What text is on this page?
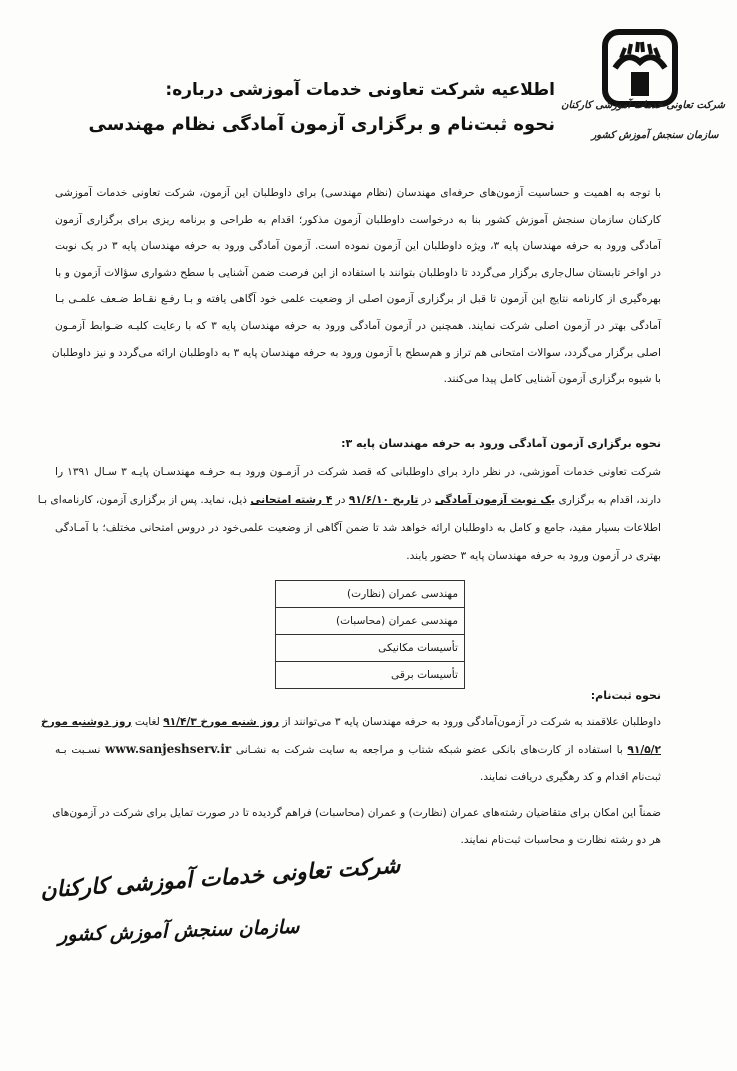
شرکت تعاونی خدمات آموزشی کارکنان
سازمان سنجش آموزش کشور
اطلاعیه شرکت تعاونی خدمات آموزشی درباره:
نحوه ثبت‌نام و برگزاری آزمون آمادگی نظام مهندسی
با توجه به اهمیت و حساسیت آزمون‌های حرفه‌ای مهندسان (نظام مهندسی) برای داوطلبان این آزمون، شرکت تعاونی خدمات آموزشی
کارکنان سازمان سنجش آموزش کشور بنا به درخواست داوطلبان آزمون مذکور؛ اقدام به طراحی و برنامه ریزی برای برگزاری آزمون
آمادگی ورود به حرفه مهندسان پایه ۳، ویژه داوطلبان این آزمون نموده است. آزمون آمادگی ورود به حرفه مهندسان پایه ۳ در یک نوبت
در اواخر تابستان سال‌جاری برگزار می‌گردد تا داوطلبان بتوانند با استفاده از این فرصت ضمن آشنایی با سطح دشواری سؤالات آزمون و با
بهره‌گیری از کارنامه نتایج این آزمون تا قبل از برگزاری آزمون اصلی از وضعیت علمی خود آگاهی یافته و بـا رفـع نقـاط ضـعف علمـی بـا
آمادگی بهتر در آزمون اصلی شرکت نمایند. همچنین در آزمون آمادگی ورود به حرفه مهندسان پایه ۳ که با رعایت کلیـه ضـوابط آزمـون
اصلی برگزار می‌گردد، سوالات امتحانی هم تراز و هم‌سطح با آزمون ورود به حرفه مهندسان پایه ۳ به داوطلبان ارائه می‌گردد و نیز داوطلبان
با شیوه برگزاری آزمون آشنایی کامل پیدا می‌کنند.
نحوه برگزاری آزمون آمادگی ورود به حرفه مهندسان پایه ۳:
شرکت تعاونی خدمات آموزشی، در نظر دارد برای داوطلبانی که قصد شرکت در آزمـون ورود بـه حرفـه مهندسـان پایـه ۳ سـال ۱۳۹۱ را
دارند، اقدام به برگزاری یک نوبت آزمون آمادگی در تاریخ ۹۱/۶/۱۰ در ۴ رشته امتحانی ذیل، نماید. پس از برگزاری آزمون، کارنامه‌ای بـا
اطلاعات بسیار مفید، جامع و کامل به داوطلبان ارائه خواهد شد تا ضمن آگاهی از وضعیت علمی‌خود در دروس امتحانی مختلف؛ با آمـادگی
بهتری در آزمون ورود به حرفه مهندسان پایه ۳ حضور یابند.
مهندسی عمران (نظارت)
مهندسی عمران (محاسبات)
تأسیسات مکانیکی
تأسیسات برقی
نحوه ثبت‌نام:
داوطلبان علاقمند به شرکت در آزمون‌آمادگی ورود به حرفه مهندسان پایه ۳ می‌توانند از روز شنبه مورخ ۹۱/۴/۳ لغایت روز دوشنبه مورخ
۹۱/۵/۲ با استفاده از کارت‌های بانکی عضو شبکه شتاب و مراجعه به سایت شرکت به نشـانی www.sanjeshserv.ir نسـبت بـه
ثبت‌نام اقدام و کد رهگیری دریافت نمایند.
ضمناً این امکان برای متقاضیان رشته‌های عمران (نظارت) و عمران (محاسبات) فراهم گردیده تا در صورت تمایل برای شرکت در آزمون‌های
هر دو رشته نظارت و محاسبات ثبت‌نام نمایند.
شرکت تعاونی خدمات آموزشی کارکنان
سازمان سنجش آموزش کشور
